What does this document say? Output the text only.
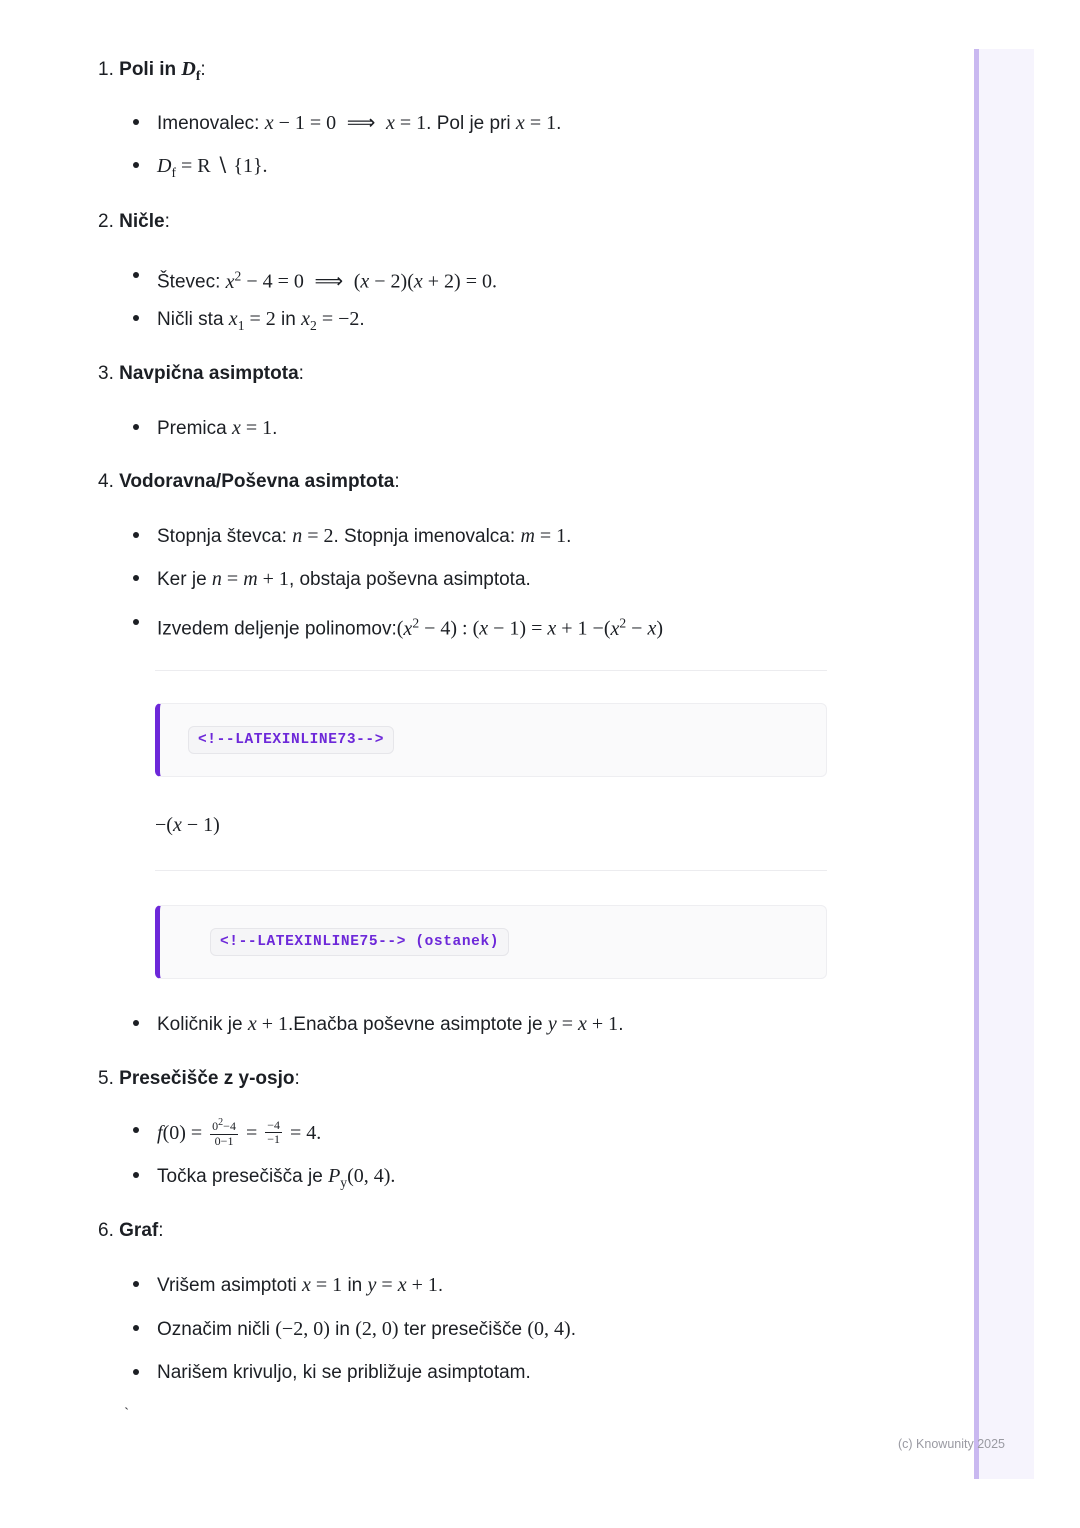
1. Poli in $D_f$:
Imenovalec: x − 1 = 0 ⟹ x = 1. Pol je pri x = 1.
$D_f = R$ ∖ {1}.
2. Ničle:
Števec: $x^2 - 4 = 0$ ⟹ (x − 2)(x + 2) = 0.
Ničli sta $x_1 = 2$ in $x_2 = -2$.
3. Navpična asimptota:
Premica x = 1.
4. Vodoravna/Poševna asimptota:
Stopnja števca: n = 2. Stopnja imenovalca: m = 1.
Ker je n = m + 1, obstaja poševna asimptota.
Izvedem deljenje $polinomov:(x^2 - 4)$ : $(x - 1) = x + 1 -(x^2 - x)$
<!--LATEXINLINE73-->
−(x − 1)
<!--LATEXINLINE75--> (ostanek)
Količnik je x + 1.Enačba poševne asimptote je y = x + 1.
5. Presečišče z y-osjo:
$f(0) = \frac{0^2-4}{0-1} = \frac{-4}{-1} = 4$.
Točka presečišča je $P_y(0$, 4).
6. Graf:
Vrišem asimptoti x = 1 in y = x + 1.
Označim ničli (−2, 0) in (2, 0) ter presečišče (0, 4).
Narišem krivuljo, ki se približuje asimptotam.
`
(c) Knowunity 2025
